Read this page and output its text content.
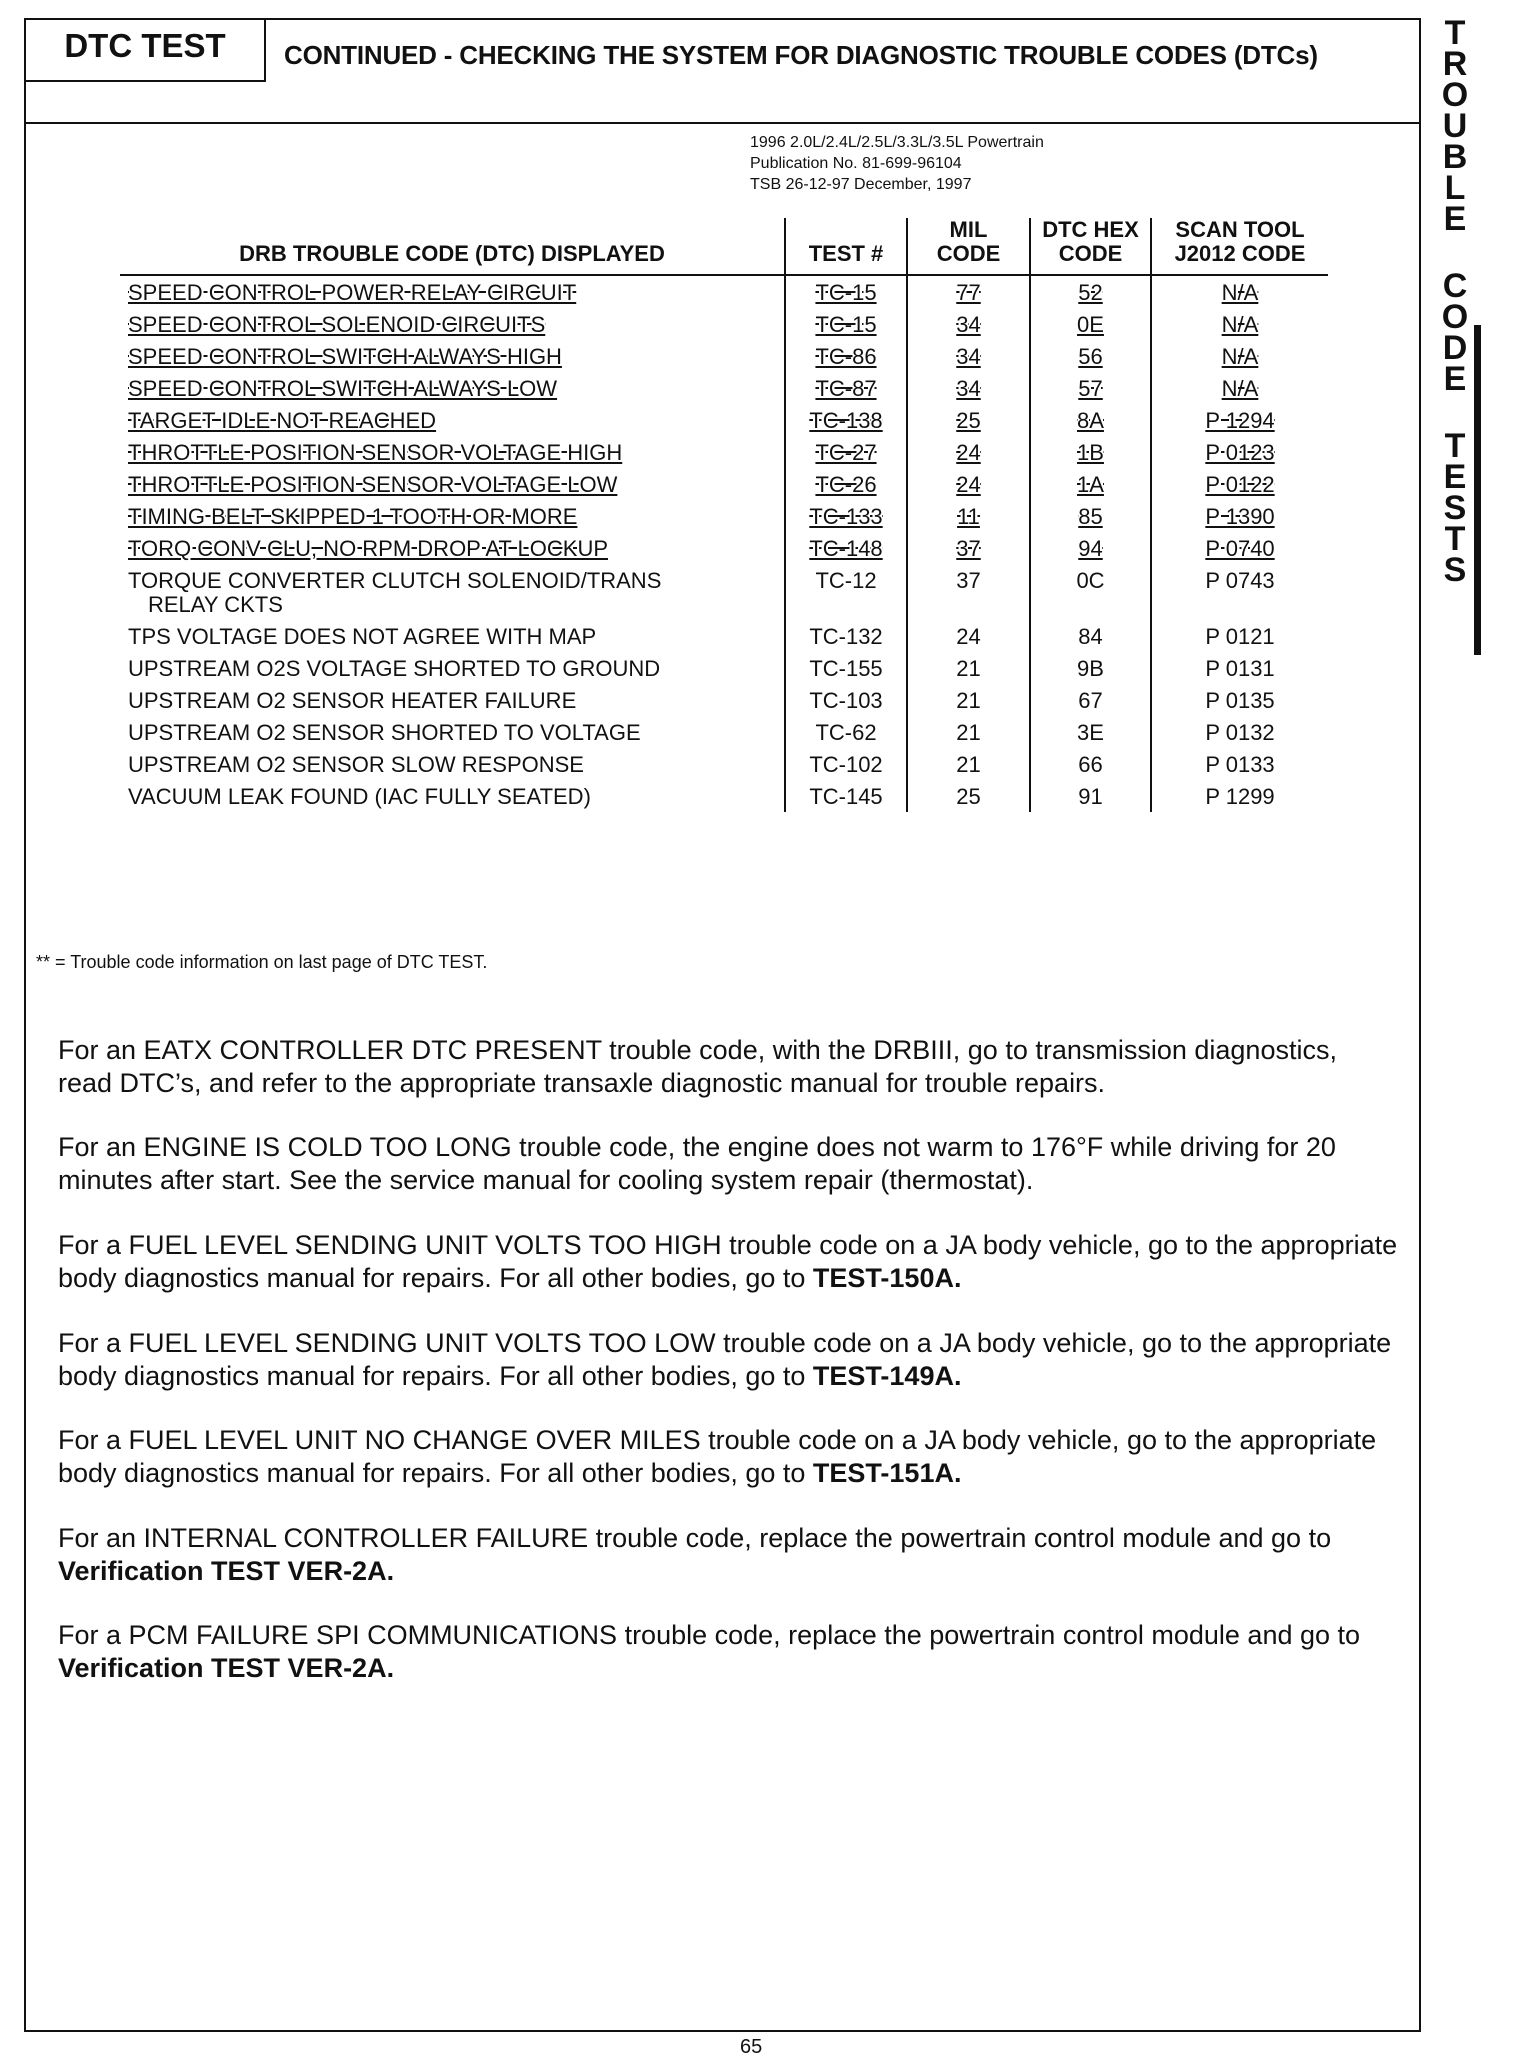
DTC TEST	CONTINUED - CHECKING THE SYSTEM FOR DIAGNOSTIC TROUBLE CODES (DTCs)
T
R
O
U
B
L
E
C
O
D
E
T
E
S
T
S
1996 2.0L/2.4L/2.5L/3.3L/3.5L Powertrain
Publication No. 81-699-96104
TSB 26-12-97 December, 1997
DRB TROUBLE CODE (DTC) DISPLAYED	TEST #	MIL CODE	DTC HEX CODE	SCAN TOOL J2012 CODE
SPEED CONTROL POWER RELAY CIRCUIT	TC-15	77	52	N/A
SPEED CONTROL SOLENOID CIRCUITS	TC-15	34	0E	N/A
SPEED CONTROL SWITCH ALWAYS HIGH	TC-86	34	56	N/A
SPEED CONTROL SWITCH ALWAYS LOW	TC-87	34	57	N/A
TARGET IDLE NOT REACHED	TC-138	25	8A	P 1294
THROTTLE POSITION SENSOR VOLTAGE HIGH	TC-27	24	1B	P 0123
THROTTLE POSITION SENSOR VOLTAGE LOW	TC-26	24	1A	P 0122
TIMING BELT SKIPPED 1 TOOTH OR MORE	TC-133	11	85	P 1390
TORQ CONV CLU, NO RPM DROP AT LOCKUP	TC-148	37	94	P 0740
TORQUE CONVERTER CLUTCH SOLENOID/TRANS
RELAY CKTS	TC-12	37	0C	P 0743
TPS VOLTAGE DOES NOT AGREE WITH MAP	TC-132	24	84	P 0121
UPSTREAM O2S VOLTAGE SHORTED TO GROUND	TC-155	21	9B	P 0131
UPSTREAM O2 SENSOR HEATER FAILURE	TC-103	21	67	P 0135
UPSTREAM O2 SENSOR SHORTED TO VOLTAGE	TC-62	21	3E	P 0132
UPSTREAM O2 SENSOR SLOW RESPONSE	TC-102	21	66	P 0133
VACUUM LEAK FOUND (IAC FULLY SEATED)	TC-145	25	91	P 1299
** = Trouble code information on last page of DTC TEST.
For an EATX CONTROLLER DTC PRESENT trouble code, with the DRBIII, go to transmission diagnostics, read DTC’s, and refer to the appropriate transaxle diagnostic manual for trouble repairs.
For an ENGINE IS COLD TOO LONG trouble code, the engine does not warm to 176°F while driving for 20 minutes after start. See the service manual for cooling system repair (thermostat).
For a FUEL LEVEL SENDING UNIT VOLTS TOO HIGH trouble code on a JA body vehicle, go to the appropriate body diagnostics manual for repairs. For all other bodies, go to TEST-150A.
For a FUEL LEVEL SENDING UNIT VOLTS TOO LOW trouble code on a JA body vehicle, go to the appropriate body diagnostics manual for repairs. For all other bodies, go to TEST-149A.
For a FUEL LEVEL UNIT NO CHANGE OVER MILES trouble code on a JA body vehicle, go to the appropriate body diagnostics manual for repairs. For all other bodies, go to TEST-151A.
For an INTERNAL CONTROLLER FAILURE trouble code, replace the powertrain control module and go to Verification TEST VER-2A.
For a PCM FAILURE SPI COMMUNICATIONS trouble code, replace the powertrain control module and go to Verification TEST VER-2A.
65
